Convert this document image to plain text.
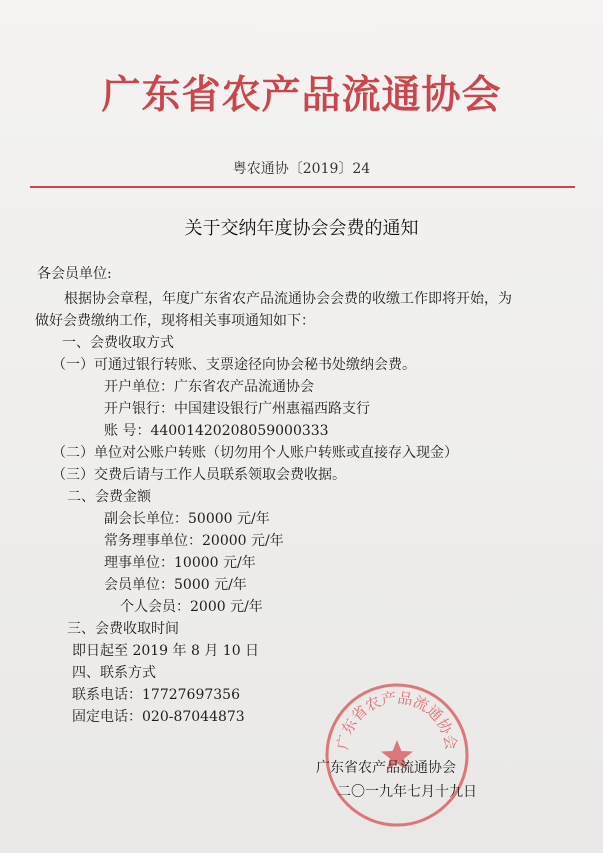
广东省农产品流通协会
粤农通协〔2019〕24
关于交纳年度协会会费的通知
各会员单位:
根据协会章程，年度广东省农产品流通协会会费的收缴工作即将开始，为
做好会费缴纳工作，现将相关事项通知如下：
一、会费收取方式
（一）可通过银行转账、支票途径向协会秘书处缴纳会费。
开户单位：广东省农产品流通协会
开户银行：中国建设银行广州惠福西路支行
账 号：44001420208059000333
（二）单位对公账户转账（切勿用个人账户转账或直接存入现金）
（三）交费后请与工作人员联系领取会费收据。
二、会费金额
副会长单位：50000 元/年
常务理事单位：20000 元/年
理事单位：10000 元/年
会员单位：5000 元/年
个人会员：2000 元/年
三、会费收取时间
即日起至 2019 年 8 月 10 日
四、联系方式
联系电话：17727697356
固定电话：020-87044873
广东省农产品流通协会
广东省农产品流通协会
二〇一九年七月十九日
